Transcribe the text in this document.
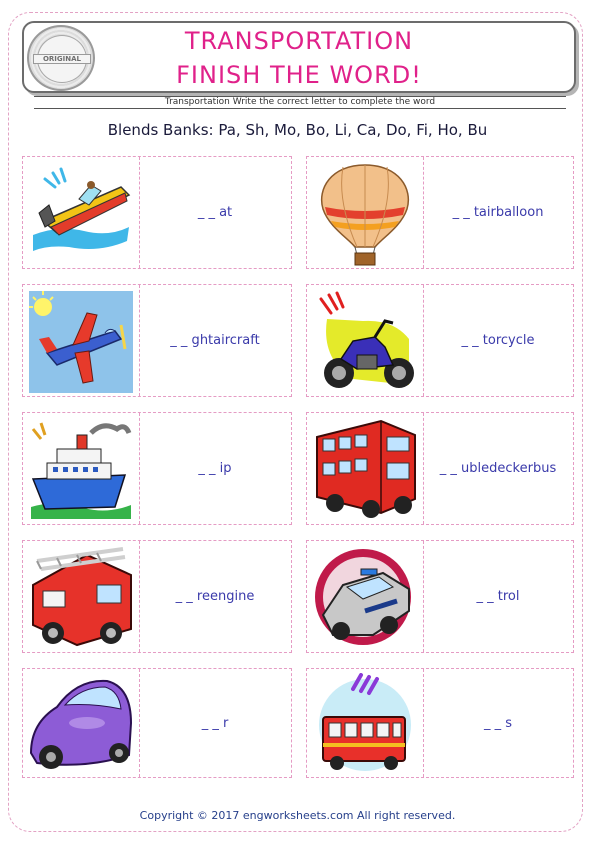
TRANSPORTATION
FINISH THE WORD!
ORIGINAL
Transportation Write the correct letter to complete the word
Blends Banks: Pa, Sh, Mo, Bo, Li, Ca, Do, Fi, Ho, Bu
_ _ at	_ _ tairballoon
_ _ ghtaircraft	_ _ torcycle
_ _ ip	_ _ ubledeckerbus
_ _ reengine	_ _ trol
_ _ r	_ _ s
Copyright © 2017 engworksheets.com All right reserved.
